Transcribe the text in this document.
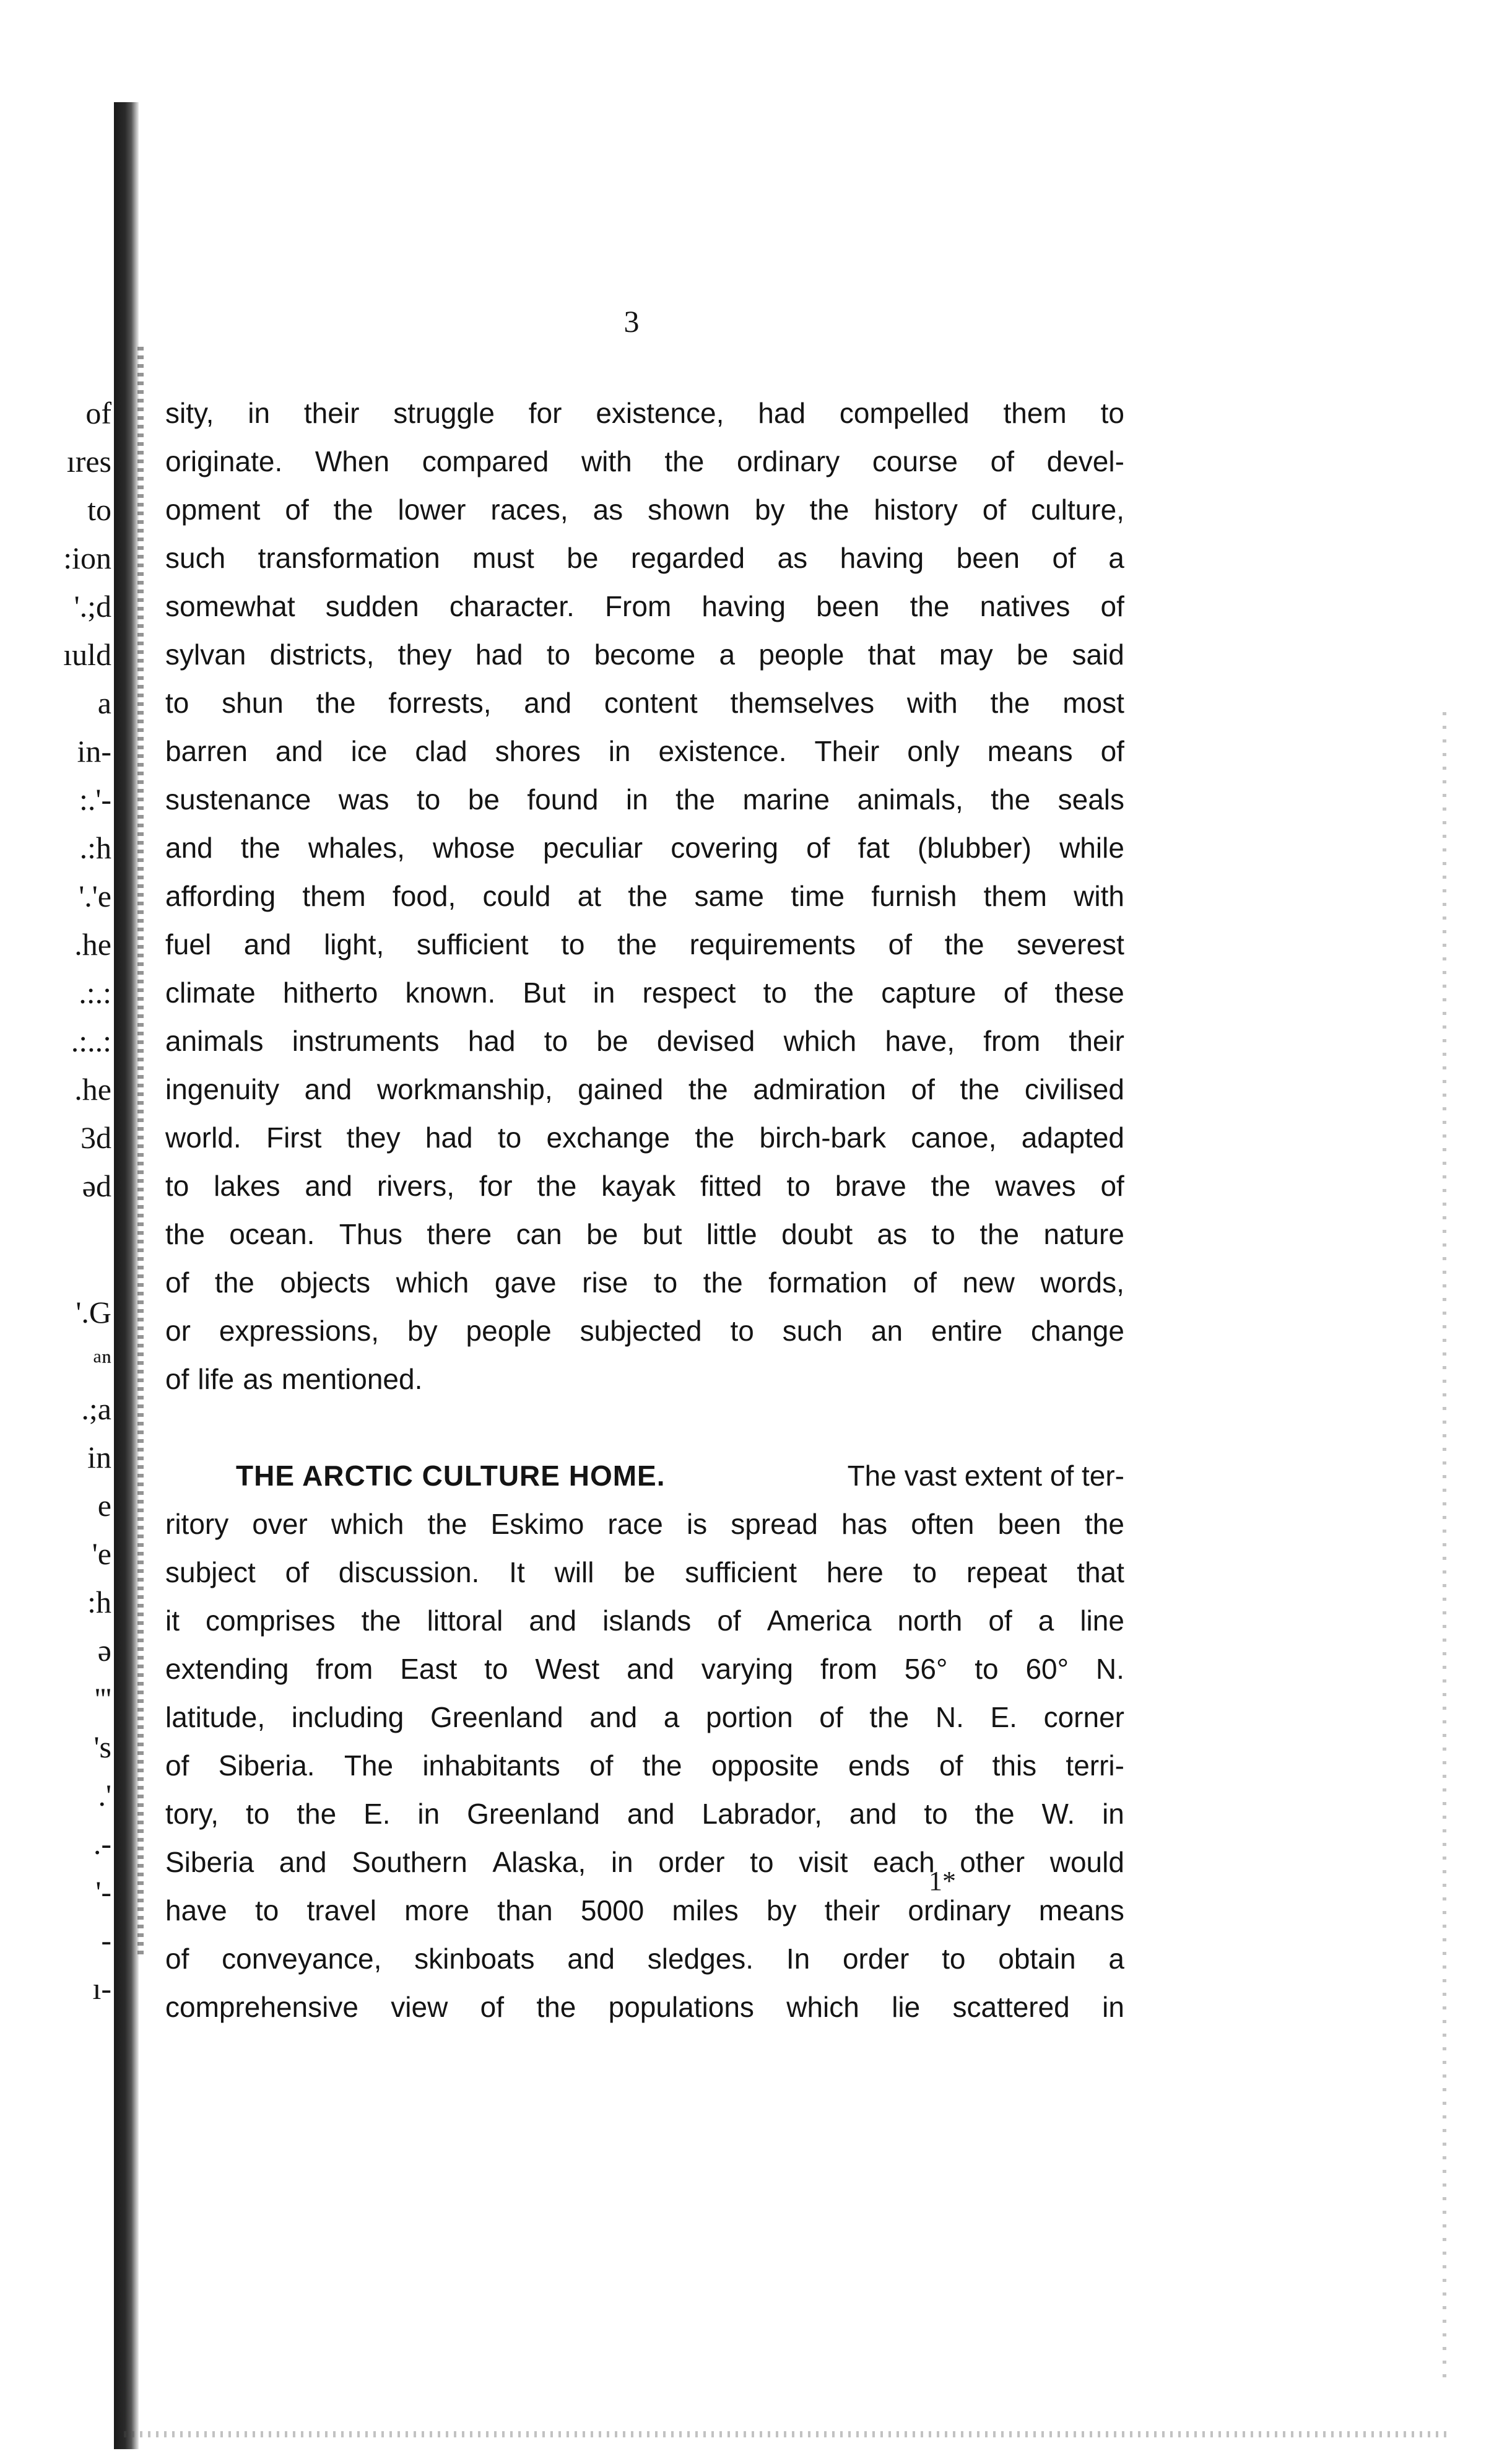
3
of
ıres
to
:ion
'.;d
ıuld
a
in-
:.'-
.:h
'.'e
.he
.:.:
.:..:
.he
3d
ǝd
'.G
ᵃⁿ
.;a
in
e
'e
:h
ǝ
'''
's
.'
.-
'-
-
ı-
sity, in their struggle for existence, had compelled them to
originate. When compared with the ordinary course of devel-
opment of the lower races, as shown by the history of culture,
such transformation must be regarded as having been of a
somewhat sudden character. From having been the natives of
sylvan districts, they had to become a people that may be said
to shun the forrests, and content themselves with the most
barren and ice clad shores in existence. Their only means of
sustenance was to be found in the marine animals, the seals
and the whales, whose peculiar covering of fat (blubber) while
affording them food, could at the same time furnish them with
fuel and light, sufficient to the requirements of the severest
climate hitherto known. But in respect to the capture of these
animals instruments had to be devised which have, from their
ingenuity and workmanship, gained the admiration of the civilised
world. First they had to exchange the birch-bark canoe, adapted
to lakes and rivers, for the kayak fitted to brave the waves of
the ocean. Thus there can be but little doubt as to the nature
of the objects which gave rise to the formation of new words,
or expressions, by people subjected to such an entire change
of life as mentioned.
THE ARCTIC CULTURE HOME.	The vast extent of ter-
ritory over which the Eskimo race is spread has often been the
subject of discussion. It will be sufficient here to repeat that
it comprises the littoral and islands of America north of a line
extending from East to West and varying from 56° to 60° N.
latitude, including Greenland and a portion of the N. E. corner
of Siberia. The inhabitants of the opposite ends of this terri-
tory, to the E. in Greenland and Labrador, and to the W. in
Siberia and Southern Alaska, in order to visit each other would
have to travel more than 5000 miles by their ordinary means
of conveyance, skinboats and sledges. In order to obtain a
comprehensive view of the populations which lie scattered in
1*
